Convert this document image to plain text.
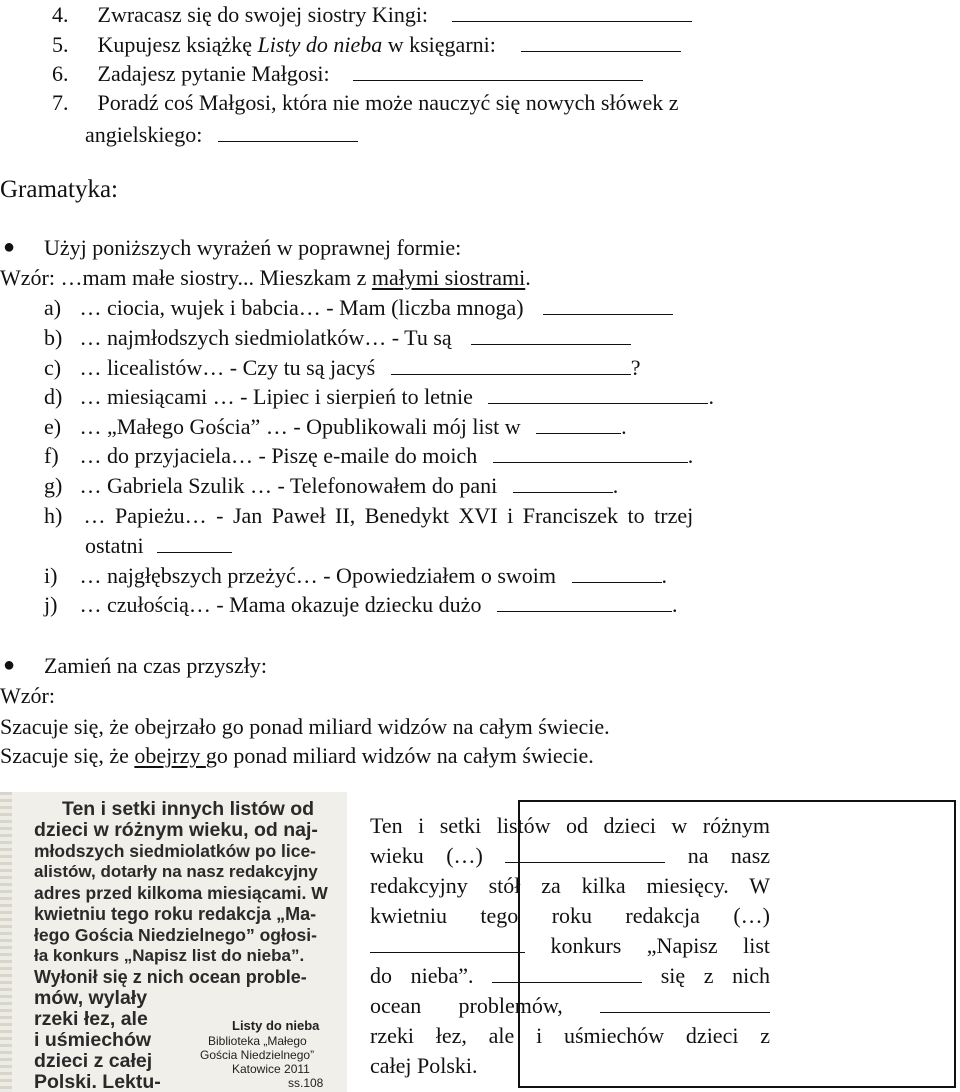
4. Zwracasz się do swojej siostry Kingi:
5. Kupujesz książkę Listy do nieba w księgarni:
6. Zadajesz pytanie Małgosi:
7. Poradź coś Małgosi, która nie może nauczyć się nowych słówek z
angielskiego:
Gramatyka:
● Użyj poniższych wyrażeń w poprawnej formie:
Wzór: …mam małe siostry... Mieszkam z małymi siostrami.
a) … ciocia, wujek i babcia… - Mam (liczba mnoga)
b) … najmłodszych siedmiolatków… - Tu są
c) … licealistów… - Czy tu są jacyś	?
d) … miesiącami … - Lipiec i sierpień to letnie	.
e) … „Małego Gościa” … - Opublikowali mój list w	.
f) … do przyjaciela… - Piszę e-maile do moich	.
g) … Gabriela Szulik … - Telefonowałem do pani	.
h) … Papieżu… - Jan Paweł II, Benedykt XVI i Franciszek to trzej
ostatni
i) … najgłębszych przeżyć… - Opowiedziałem o swoim	.
j) … czułością… - Mama okazuje dziecku dużo	.
● Zamień na czas przyszły:
Wzór:
Szacuje się, że obejrzało go ponad miliard widzów na całym świecie.
Szacuje się, że obejrzy go ponad miliard widzów na całym świecie.
Ten i setki innych listów od
dzieci w różnym wieku, od naj-
młodszych siedmiolatków po lice-
alistów, dotarły na nasz redakcyjny
adres przed kilkoma miesiącami. W
kwietniu tego roku redakcja „Ma-
łego Gościa Niedzielnego” ogłosi-
ła konkurs „Napisz list do nieba”.
Wyłonił się z nich ocean proble-
mów, wylały
rzeki łez, ale
i uśmiechów
dzieci z całej
Polski. Lektu-
Listy do nieba
Biblioteka „Małego
Gościa Niedzielnego”
Katowice 2011
ss.108
Ten i setki listów od dzieci w różnym
wieku (…)	na nasz
redakcyjny stół za kilka miesięcy. W
kwietniu tego roku redakcja (…)
konkurs „Napisz list
do nieba”.	się z nich
ocean problemów,
rzeki łez, ale i uśmiechów dzieci z
całej Polski.
